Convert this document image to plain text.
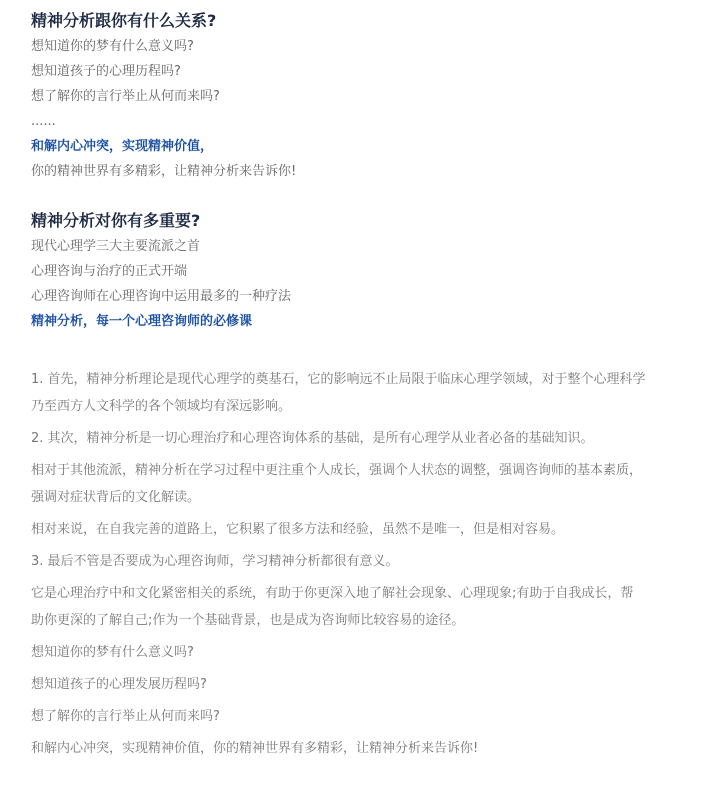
精神分析跟你有什么关系?
想知道你的梦有什么意义吗?
想知道孩子的心理历程吗?
想了解你的言行举止从何而来吗?
......
和解内心冲突，实现精神价值，
你的精神世界有多精彩，让精神分析来告诉你!
精神分析对你有多重要?
现代心理学三大主要流派之首
心理咨询与治疗的正式开端
心理咨询师在心理咨询中运用最多的一种疗法
精神分析，每一个心理咨询师的必修课

1. 首先，精神分析理论是现代心理学的奠基石，它的影响远不止局限于临床心理学领域，对于整个心理科学乃至西方人文科学的各个领域均有深远影响。

2. 其次，精神分析是一切心理治疗和心理咨询体系的基础，是所有心理学从业者必备的基础知识。

相对于其他流派，精神分析在学习过程中更注重个人成长，强调个人状态的调整，强调咨询师的基本素质，强调对症状背后的文化解读。

相对来说，在自我完善的道路上，它积累了很多方法和经验，虽然不是唯一，但是相对容易。

3. 最后不管是否要成为心理咨询师，学习精神分析都很有意义。

它是心理治疗中和文化紧密相关的系统，有助于你更深入地了解社会现象、心理现象;有助于自我成长，帮助你更深的了解自己;作为一个基础背景，也是成为咨询师比较容易的途径。

想知道你的梦有什么意义吗?

想知道孩子的心理发展历程吗?

想了解你的言行举止从何而来吗?

和解内心冲突，实现精神价值，你的精神世界有多精彩，让精神分析来告诉你!
